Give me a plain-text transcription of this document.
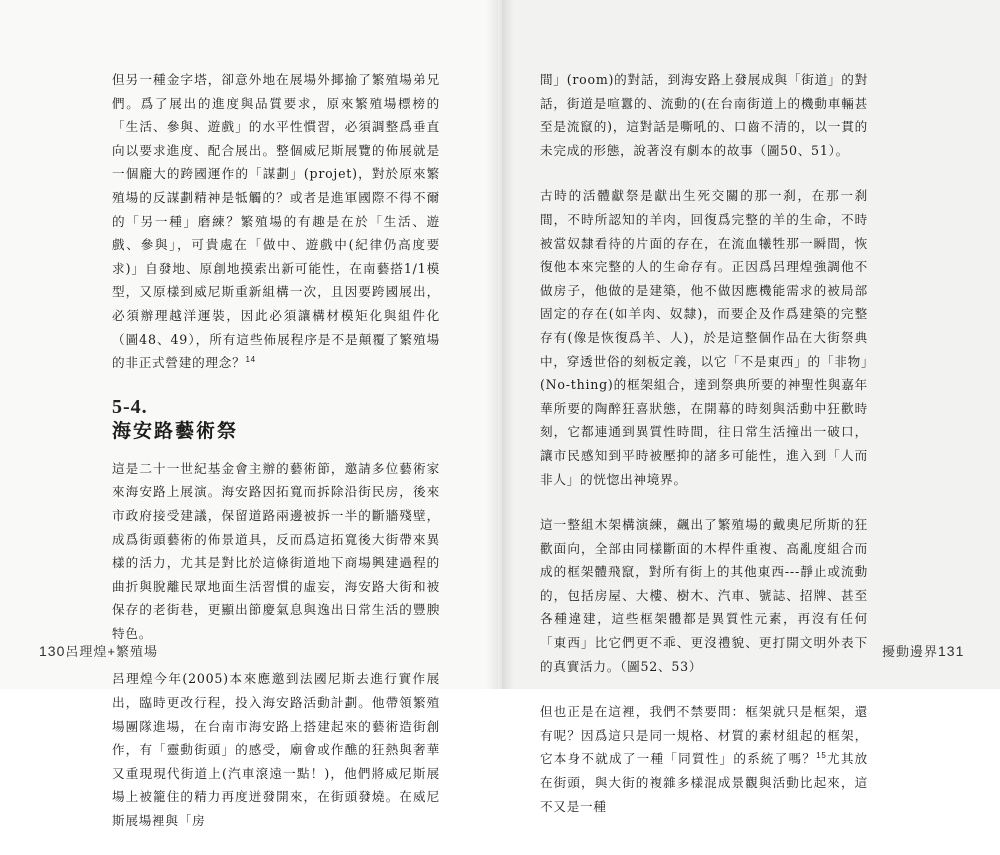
但另一種金字塔，卻意外地在展場外揶揄了繁殖場弟兄們。爲了展出的進度與品質要求，原來繁殖場標榜的「生活、參與、遊戲」的水平性慣習，必須調整爲垂直向以要求進度、配合展出。整個威尼斯展覽的佈展就是一個龐大的跨國運作的「謀劃」(projet)，對於原來繁殖場的反謀劃精神是牴觸的？或者是進軍國際不得不爾的「另一種」磨練？繁殖場的有趣是在於「生活、遊戲、參與」，可貴處在「做中、遊戲中(紀律仍高度要求)」自發地、原創地摸索出新可能性，在南藝搭1/1模型，又原樣到威尼斯重新組構一次，且因要跨國展出，必須辦理越洋運裝，因此必須讓構材模矩化與組件化（圖48、49），所有這些佈展程序是不是顛覆了繁殖場的非正式營建的理念？$^{14}$

5-4.
海安路藝術祭

這是二十一世紀基金會主辦的藝術節，邀請多位藝術家來海安路上展演。海安路因拓寬而拆除沿街民房，後來市政府接受建議，保留道路兩邊被拆一半的斷牆殘壁，成爲街頭藝術的佈景道具，反而爲這拓寬後大街帶來異樣的活力，尤其是對比於這條街道地下商場興建過程的曲折與脫離民眾地面生活習慣的虛妄，海安路大街和被保存的老街巷，更顯出節慶氣息與逸出日常生活的豐腴特色。

呂理煌今年(2005)本來應邀到法國尼斯去進行實作展出，臨時更改行程，投入海安路活動計劃。他帶領繁殖場團隊進場，在台南市海安路上搭建起來的藝術造街創作，有「靈動街頭」的感受，廟會或作醮的狂熱與奢華又重現現代街道上(汽車滾遠一點！)，他們將威尼斯展場上被籠住的精力再度迸發開來，在街頭發燒。在威尼斯展場裡與「房

130呂理煌+繁殖場

間」(room)的對話，到海安路上發展成與「街道」的對話，街道是喧囂的、流動的(在台南街道上的機動車輛甚至是流竄的)，這對話是嘶吼的、口齒不清的，以一貫的未完成的形態，說著沒有劇本的故事（圖50、51）。

古時的活體獻祭是獻出生死交關的那一刹，在那一刹間，不時所認知的羊肉，回復爲完整的羊的生命，不時被當奴隸看待的片面的存在，在流血犧牲那一瞬間，恢復他本來完整的人的生命存有。正因爲呂理煌強調他不做房子，他做的是建築，他不做因應機能需求的被局部固定的存在(如羊肉、奴隸)，而要企及作爲建築的完整存有(像是恢復爲羊、人)，於是這整個作品在大街祭典中，穿透世俗的刻板定義，以它「不是東西」的「非物」(No-thing)的框架組合，達到祭典所要的神聖性與嘉年華所要的陶醉狂喜狀態，在開幕的時刻與活動中狂歡時刻，它都連通到異質性時間，往日常生活撞出一破口，讓市民感知到平時被壓抑的諸多可能性，進入到「人而非人」的恍惚出神境界。

這一整組木架構演練，飆出了繁殖場的戴奧尼所斯的狂歡面向，全部由同樣斷面的木桿件重複、高亂度組合而成的框架體飛竄，對所有街上的其他東西---靜止或流動的，包括房屋、大樓、樹木、汽車、號誌、招牌、甚至各種違建，這些框架體都是異質性元素，再沒有任何「東西」比它們更不乖、更沒禮貌、更打開文明外表下的真實活力。（圖52、53）

但也正是在這裡，我們不禁要問：框架就只是框架，還有呢？因爲這只是同一規格、材質的素材組起的框架，它本身不就成了一種「同質性」的系統了嗎？$^{15}$尤其放在街頭，與大街的複雜多樣混成景觀與活動比起來，這不又是一種

擾動邊界131
